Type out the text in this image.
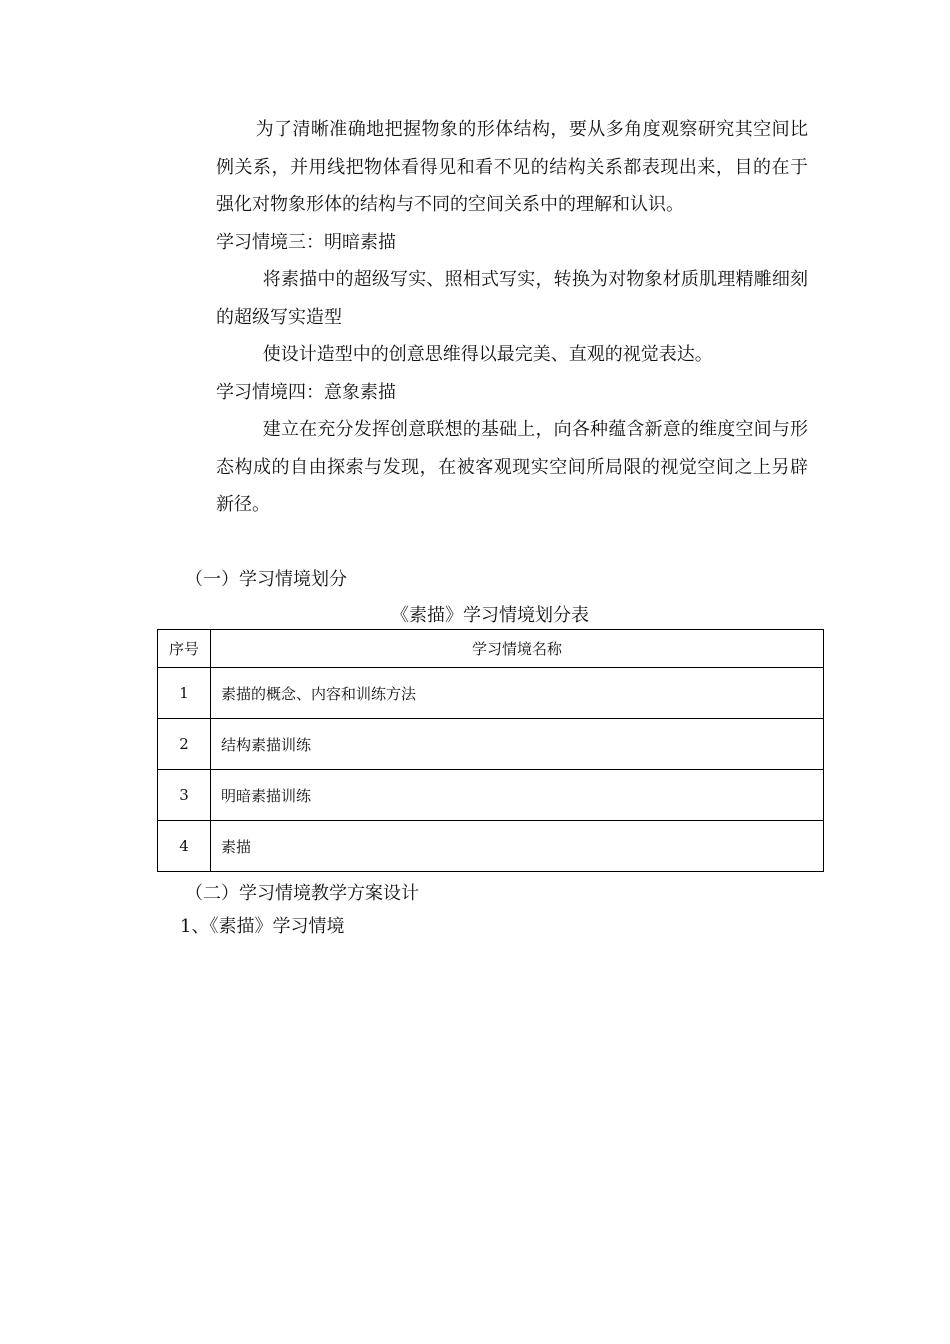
为了清晰准确地把握物象的形体结构，要从多角度观察研究其空间比例关系，并用线把物体看得见和看不见的结构关系都表现出来，目的在于强化对物象形体的结构与不同的空间关系中的理解和认识。

学习情境三：明暗素描

将素描中的超级写实、照相式写实，转换为对物象材质肌理精雕细刻的超级写实造型

使设计造型中的创意思维得以最完美、直观的视觉表达。

学习情境四：意象素描

建立在充分发挥创意联想的基础上，向各种蕴含新意的维度空间与形态构成的自由探索与发现，在被客观现实空间所局限的视觉空间之上另辟新径。

（一）学习情境划分
《素描》学习情境划分表
序号	学习情境名称
1	素描的概念、内容和训练方法
2	结构素描训练
3	明暗素描训练
4	素描
（二）学习情境教学方案设计
1、《素描》学习情境
